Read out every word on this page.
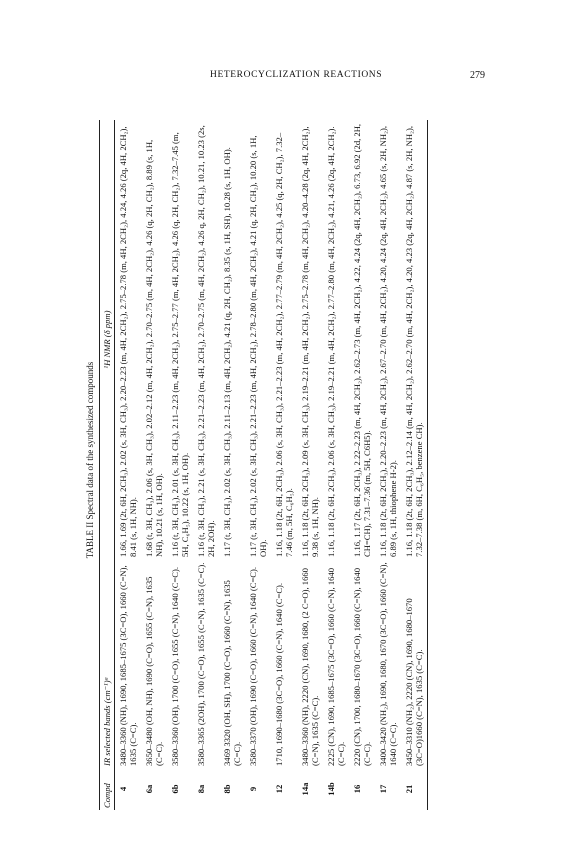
HETEROCYCLIZATION REACTIONS	279
TABLE II Spectral data of the synthesized compounds
Compd	IR selected bands (cm⁻¹)ᵃ	¹H NMR (δ ppm)
4	3480–3360 (NH), 1690, 1685–1675 (3C=O), 1660 (C=N), 1635 (C=C).	1.66, 1.69 (2t, 6H, 2CH₃), 2.02 (s, 3H, CH₃), 2.20–2.23 (m, 4H, 2CH₂), 2.75–2.78 (m, 4H, 2CH₂), 4.24, 4.26 (2q, 4H, 2CH₂), 8.41 (s, 1H, NH).
6a	3650–3480 (OH, NH), 1690 (C=O), 1655 (C=N), 1635 (C=C).	1.68 (t, 3H, CH₃), 2.06 (s, 3H, CH₃), 2.02–2.12 (m, 4H, 2CH₂), 2.70–2.75 (m, 4H, 2CH₂), 4.26 (q, 2H, CH₂), 8.89 (s, 1H, NH), 10.21 (s, 1H, OH).
6b	3580–3360 (OH), 1700 (C=O), 1655 (C=N), 1640 (C=C).	1.16 (t, 3H, CH₃), 2.01 (s, 3H, CH₃), 2.11–2.23 (m, 4H, 2CH₂), 2.75–2.77 (m, 4H, 2CH₂), 4.26 (q, 2H, CH₂), 7.32–7.45 (m, 5H, C₆H₅), 10.22 (s, 1H, OH).
8a	3580–3365 (2OH), 1700 (C=O), 1655 (C=N), 1635 (C=C).	1.16 (t, 3H, CH₃), 2.21 (s, 3H, CH₃), 2.21–2.23 (m, 4H, 2CH₂), 2.70–2.75 (m, 4H, 2CH₂), 4.26 q, 2H, CH₂), 10.21, 10.23 (2s, 2H, 2OH).
8b	3469 3320 (OH, SH), 1700 (C=O), 1660 (C=N), 1635 (C=C).	1.17 (t, 3H, CH₃), 2.02 (s, 3H, CH₃), 2.11–2.13 (m, 4H, 2CH₂), 4.21 (q, 2H, CH₂), 8.35 (s, 1H, SH), 10.28 (s, 1H, OH).
9	3580–3370 (OH), 1690 (C=O), 1660 (C=N), 1640 (C=C).	1.17 (t, 3H, CH₃), 2.02 (s, 3H, CH₃), 2.21–2.23 (m, 4H, 2CH₂), 2.78–2.80 (m, 4H, 2CH₂), 4.21 (q, 2H, CH₂), 10.20 (s, 1H, OH).
12	1710, 1690–1680 (3C=O), 1660 (C=N), 1640 (C=C).	1.16, 1.18 (2t, 6H, 2CH₃), 2.06 (s, 3H, CH₃), 2.21–2.23 (m, 4H, 2CH₂), 2.77–2.79 (m, 4H, 2CH₂), 4.25 (q, 2H, CH₂), 7.32–7.46 (m, 5H, C₆H₅).
14a	3480–3360 (NH), 2220 (CN), 1690, 1680, (2 C=O), 1660 (C=N), 1635 (C=C).	1.16, 1.18 (2t, 6H, 2CH₃), 2.09 (s, 3H, CH₃), 2.19–2.21 (m, 4H, 2CH₂), 2.75–2.78 (m, 4H, 2CH₂), 4.20–4.28 (2q, 4H, 2CH₂), 9.38 (s, 1H, NH).
14b	2225 (CN), 1690, 1685–1675 (3C=O), 1660 (C=N), 1640 (C=C).	1.16, 1.18 (2t, 6H, 2CH₃), 2.06 (s, 3H, CH₃), 2.19–2.21 (m, 4H, 2CH₂), 2.77–2.80 (m, 4H, 2CH₂), 4.21, 4.26 (2q, 4H, 2CH₂).
16	2220 (CN), 1700, 1680–1670 (3C=O), 1660 (C=N), 1640 (C=C).	1.16, 1.17 (2t, 6H, 2CH₃), 2.22–2.23 (m, 4H, 2CH₂), 2.62–2.73 (m, 4H, 2CH₂), 4.22, 4.24 (2q, 4H, 2CH₂), 6.73, 6.92 (2d, 2H, CH=CH), 7.31–7.36 (m, 5H, C6H5).
17	3400–3420 (NH₂), 1690, 1680, 1670 (3C=O), 1660 (C=N), 1640 (C=C).	1.16, 1.18 (2t, 6H, 2CH₃), 2.20–2.23 (m, 4H, 2CH₂), 2.67–2.70 (m, 4H, 2CH₂), 4.20, 4.24 (2q, 4H, 2CH₂), 4.65 (s, 2H, NH₂), 6.89 (s, 1H, thiophene H-2).
21	3450–3310 (NH₂), 2220 (CN), 1690, 1680–1670 (3C=O)1660 (C=N), 1635 (C=C).	1.16, 1.18 (2t, 6H, 2CH₃), 2.12–2.14 (m, 4H, 2CH₂), 2.62–2.70 (m, 4H, 2CH₂), 4.20, 4.23 (2q, 4H, 2CH₂), 4.87 (s, 2H, NH₂), 7.32–7.38 (m, 6H, C₆H₅, benzene CH).
